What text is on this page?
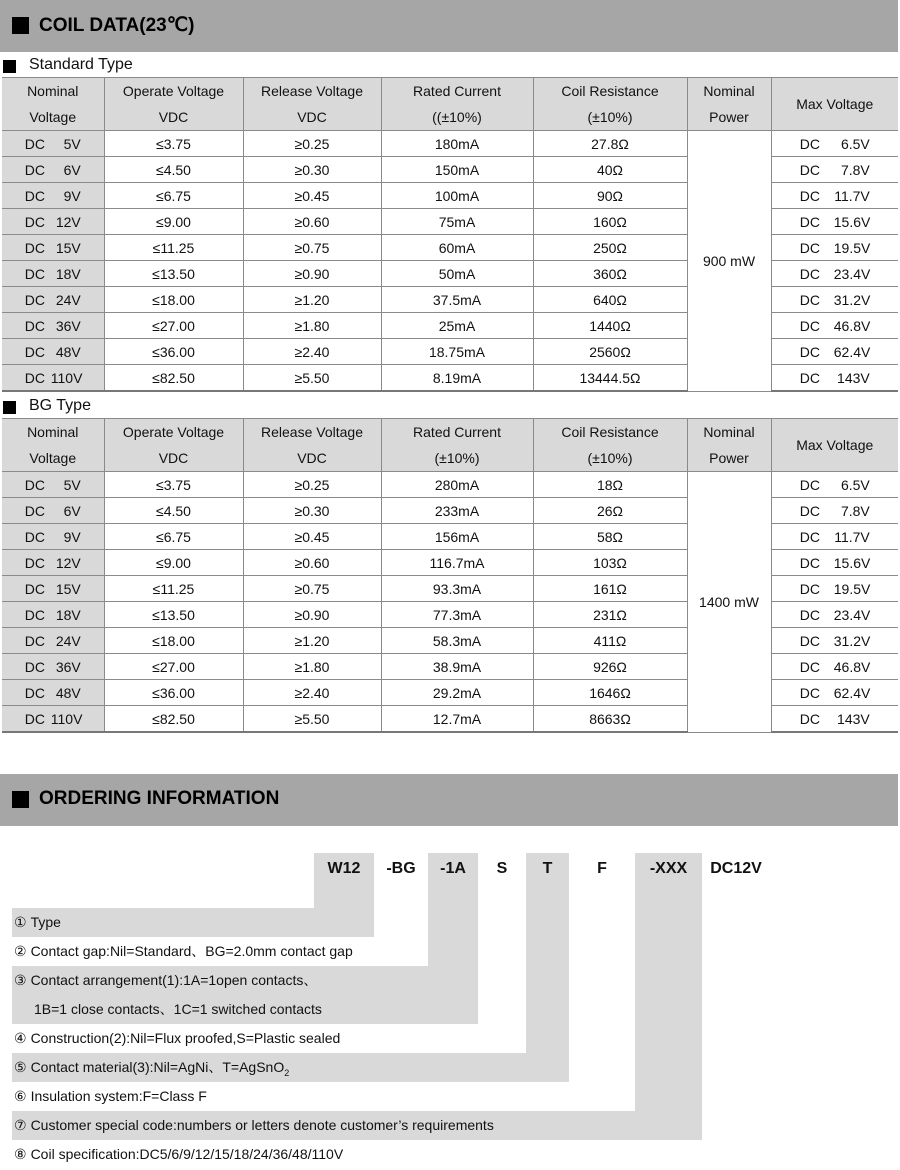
COIL DATA(23℃)
Standard Type
Nominal	Operate Voltage	Release Voltage	Rated Current	Coil Resistance	Nominal	Max Voltage
Voltage	VDC	VDC	((±10%)	(±10%)	Power	
DC 5V	≤3.75	≥0.25	180mA	27.8Ω	900 mW	DC 6.5V
DC 6V	≤4.50	≥0.30	150mA	40Ω		DC 7.8V
DC 9V	≤6.75	≥0.45	100mA	90Ω		DC 11.7V
DC 12V	≤9.00	≥0.60	75mA	160Ω		DC 15.6V
DC 15V	≤11.25	≥0.75	60mA	250Ω		DC 19.5V
DC 18V	≤13.50	≥0.90	50mA	360Ω		DC 23.4V
DC 24V	≤18.00	≥1.20	37.5mA	640Ω		DC 31.2V
DC 36V	≤27.00	≥1.80	25mA	1440Ω		DC 46.8V
DC 48V	≤36.00	≥2.40	18.75mA	2560Ω		DC 62.4V
DC 110V	≤82.50	≥5.50	8.19mA	13444.5Ω		DC 143V
BG Type
Nominal	Operate Voltage	Release Voltage	Rated Current	Coil Resistance	Nominal	Max Voltage
Voltage	VDC	VDC	(±10%)	(±10%)	Power	
DC 5V	≤3.75	≥0.25	280mA	18Ω	1400 mW	DC 6.5V
DC 6V	≤4.50	≥0.30	233mA	26Ω		DC 7.8V
DC 9V	≤6.75	≥0.45	156mA	58Ω		DC 11.7V
DC 12V	≤9.00	≥0.60	116.7mA	103Ω		DC 15.6V
DC 15V	≤11.25	≥0.75	93.3mA	161Ω		DC 19.5V
DC 18V	≤13.50	≥0.90	77.3mA	231Ω		DC 23.4V
DC 24V	≤18.00	≥1.20	58.3mA	411Ω		DC 31.2V
DC 36V	≤27.00	≥1.80	38.9mA	926Ω		DC 46.8V
DC 48V	≤36.00	≥2.40	29.2mA	1646Ω		DC 62.4V
DC 110V	≤82.50	≥5.50	12.7mA	8663Ω		DC 143V
ORDERING INFORMATION
W12	-BG	-1A	S	T	F	-XXX	DC12V
① Type
② Contact gap:Nil=Standard、BG=2.0mm contact gap
③ Contact arrangement(1):1A=1open contacts、
1B=1 close contacts、1C=1 switched contacts
④ Construction(2):Nil=Flux proofed,S=Plastic sealed
⑤ Contact material(3):Nil=AgNi、T=AgSnO$_2$
⑥ Insulation system:F=Class F
⑦ Customer special code:numbers or letters denote customer’s requirements
⑧ Coil specification:DC5/6/9/12/15/18/24/36/48/110V
